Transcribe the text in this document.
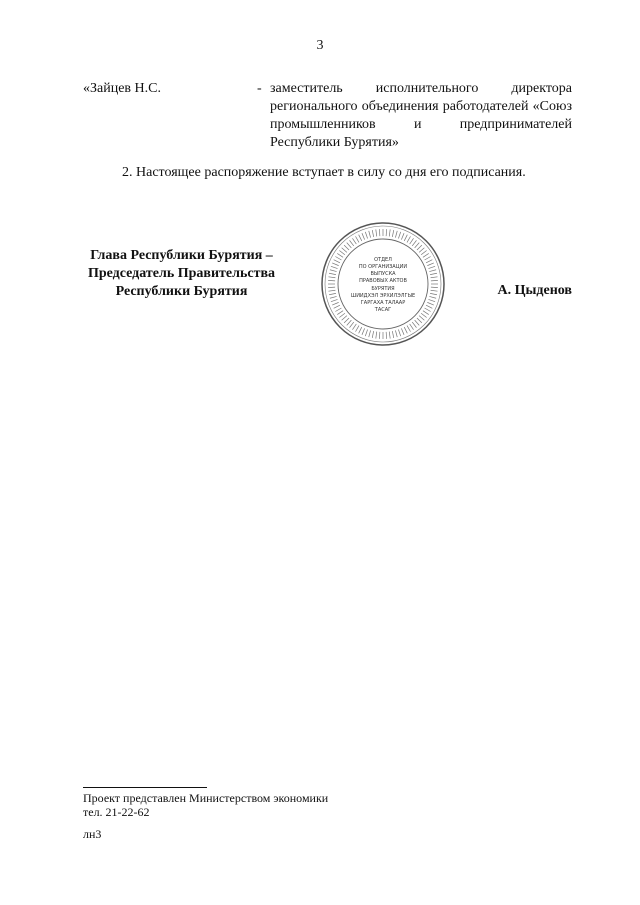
3
«Зайцев Н.С.	- заместитель исполнительного директора регионального объединения работодателей «Союз промышленников и предпринимателей Республики Бурятия»
2. Настоящее распоряжение вступает в силу со дня его подписания.
Глава Республики Бурятия –
Председатель Правительства
Республики Бурятия
ОТДЕЛ
ПО ОРГАНИЗАЦИИ
ВЫПУСКА
ПРАВОВЫХ АКТОВ
БУРЯТИЯ
ШИИДХЭЛ ЭРХИЛЭЛГЫЕ
ГАРГАХА ТАЛААР
ТАСАГ
А. Цыденов
Проект представлен Министерством экономики
тел. 21-22-62
лн3
